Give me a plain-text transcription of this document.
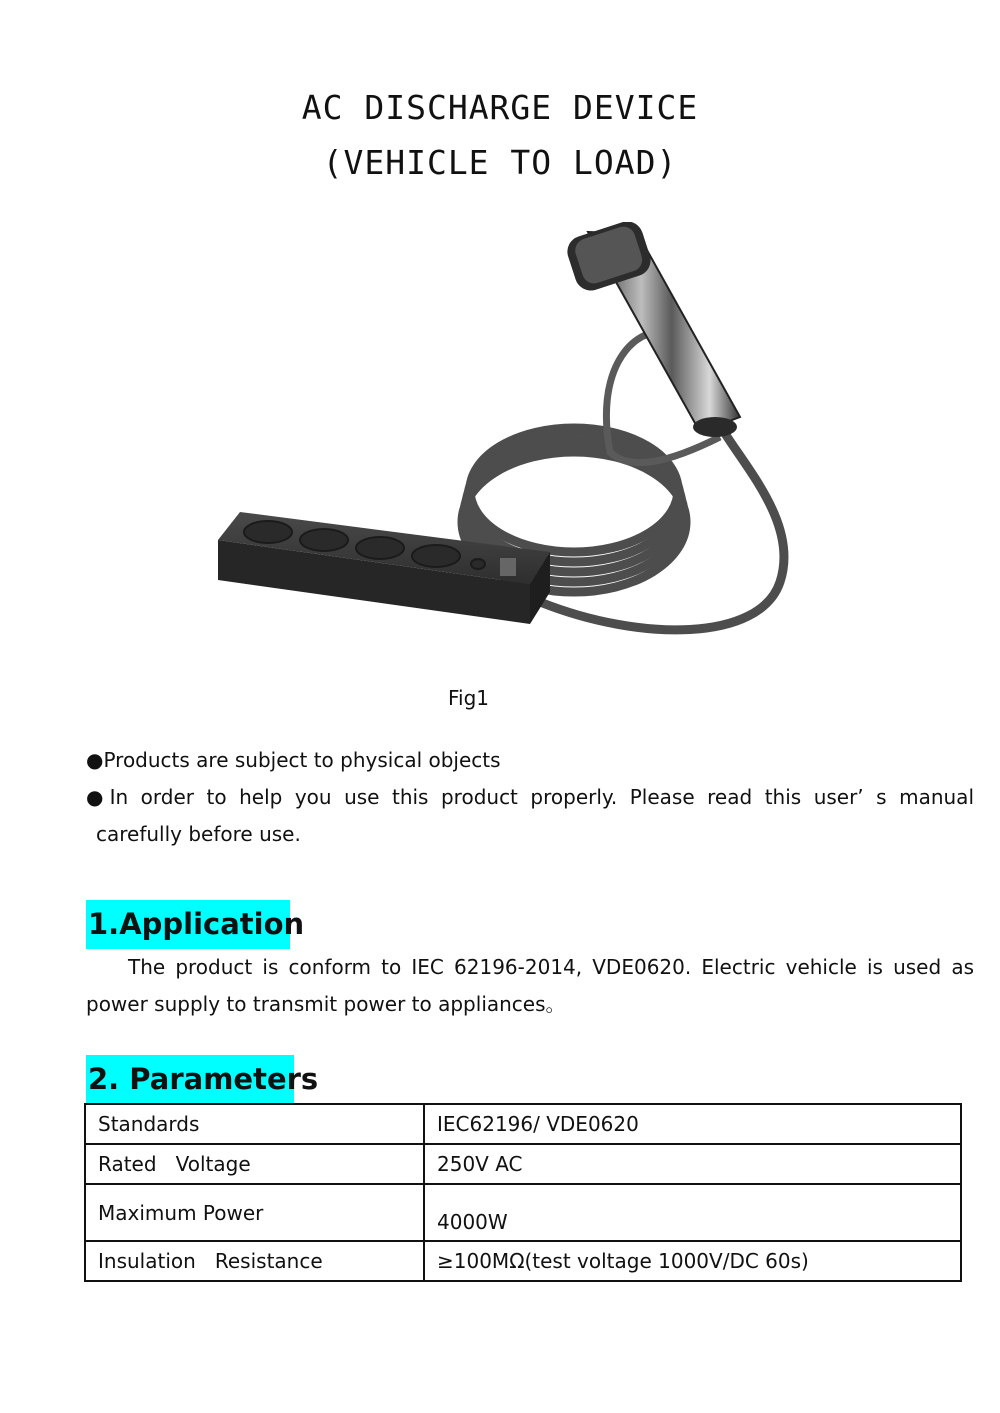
AC DISCHARGE DEVICE
(VEHICLE TO LOAD)
Fig1
●Products are subject to physical objects
●In order to help you use this product properly. Please read this user’ s manual
carefully before use.
1.Application
The product is conform to IEC 62196-2014, VDE0620. Electric vehicle is used as power supply to transmit power to appliances。
2. Parameters
Standards	IEC62196/ VDE0620
Rated   Voltage	250V AC
Maximum Power	4000W
Insulation   Resistance	≥100MΩ(test voltage 1000V/DC 60s)
